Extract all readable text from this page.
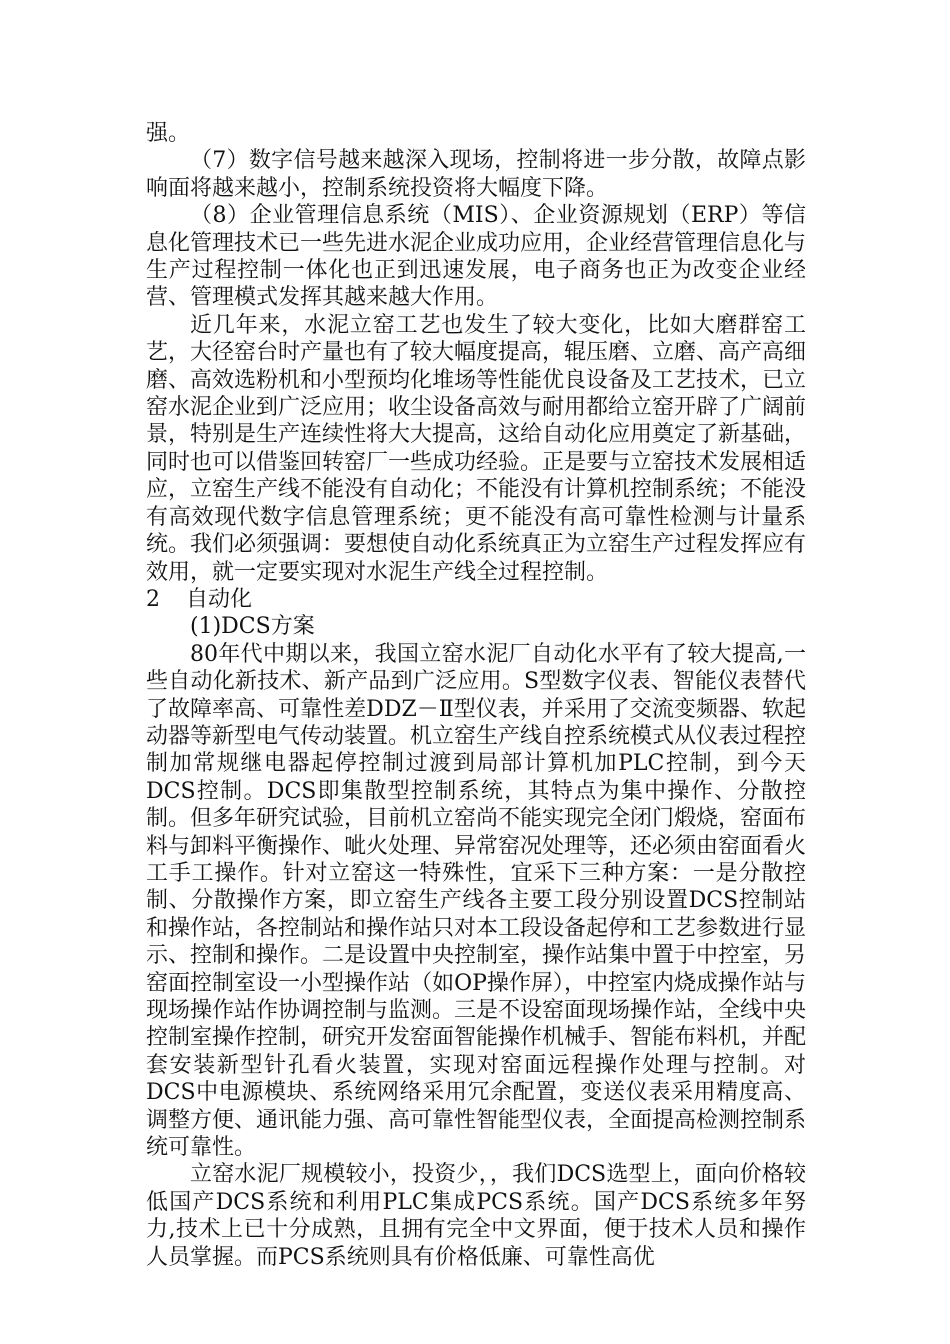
强。

（7）数字信号越来越深入现场，控制将进一步分散，故障点影响面将越来越小，控制系统投资将大幅度下降。

（8）企业管理信息系统（MIS）、企业资源规划（ERP）等信息化管理技术已一些先进水泥企业成功应用，企业经营管理信息化与生产过程控制一体化也正到迅速发展，电子商务也正为改变企业经营、管理模式发挥其越来越大作用。

近几年来，水泥立窑工艺也发生了较大变化，比如大磨群窑工艺，大径窑台时产量也有了较大幅度提高，辊压磨、立磨、高产高细磨、高效选粉机和小型预均化堆场等性能优良设备及工艺技术，已立窑水泥企业到广泛应用；收尘设备高效与耐用都给立窑开辟了广阔前景，特别是生产连续性将大大提高，这给自动化应用奠定了新基础，同时也可以借鉴回转窑厂一些成功经验。正是要与立窑技术发展相适应，立窑生产线不能没有自动化；不能没有计算机控制系统；不能没有高效现代数字信息管理系统；更不能没有高可靠性检测与计量系统。我们必须强调：要想使自动化系统真正为立窑生产过程发挥应有效用，就一定要实现对水泥生产线全过程控制。

2 自动化
(1)DCS方案

80年代中期以来，我国立窑水泥厂自动化水平有了较大提高,一些自动化新技术、新产品到广泛应用。S型数字仪表、智能仪表替代了故障率高、可靠性差DDZ－Ⅱ型仪表，并采用了交流变频器、软起动器等新型电气传动装置。机立窑生产线自控系统模式从仪表过程控制加常规继电器起停控制过渡到局部计算机加PLC控制，到今天DCS控制。DCS即集散型控制系统，其特点为集中操作、分散控制。但多年研究试验，目前机立窑尚不能实现完全闭门煅烧，窑面布料与卸料平衡操作、呲火处理、异常窑况处理等，还必须由窑面看火工手工操作。针对立窑这一特殊性，宜采下三种方案：一是分散控制、分散操作方案，即立窑生产线各主要工段分别设置DCS控制站和操作站，各控制站和操作站只对本工段设备起停和工艺参数进行显示、控制和操作。二是设置中央控制室，操作站集中置于中控室，另窑面控制室设一小型操作站（如OP操作屏），中控室内烧成操作站与现场操作站作协调控制与监测。三是不设窑面现场操作站，全线中央控制室操作控制，研究开发窑面智能操作机械手、智能布料机，并配套安装新型针孔看火装置，实现对窑面远程操作处理与控制。对DCS中电源模块、系统网络采用冗余配置，变送仪表采用精度高、调整方便、通讯能力强、高可靠性智能型仪表，全面提高检测控制系统可靠性。

立窑水泥厂规模较小，投资少，，我们DCS选型上，面向价格较低国产DCS系统和利用PLC集成PCS系统。国产DCS系统多年努力,技术上已十分成熟，且拥有完全中文界面，便于技术人员和操作人员掌握。而PCS系统则具有价格低廉、可靠性高优
